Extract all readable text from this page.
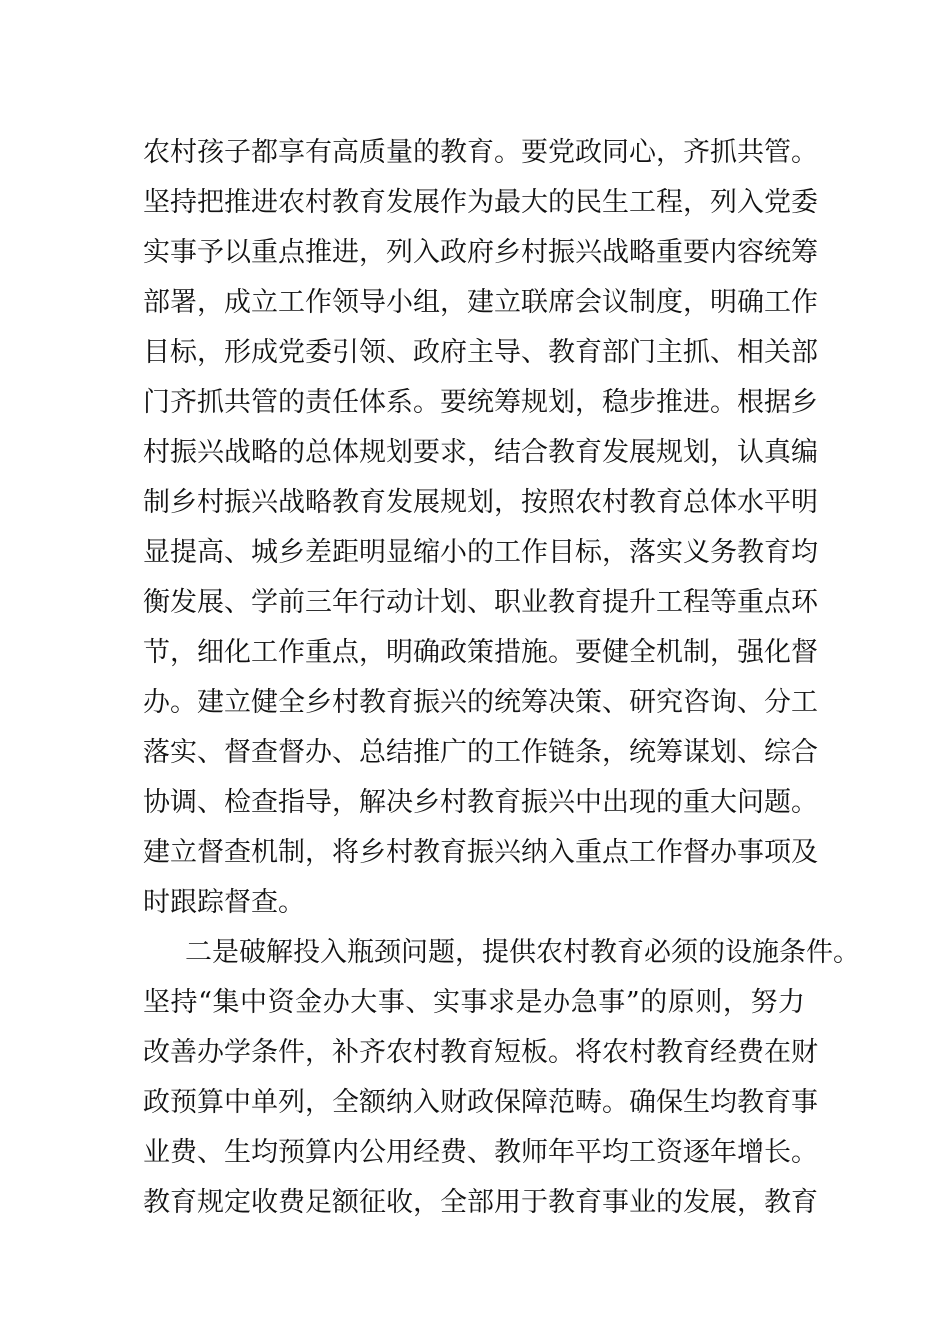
农村孩子都享有高质量的教育。要党政同心，齐抓共管。
坚持把推进农村教育发展作为最大的民生工程，列入党委
实事予以重点推进，列入政府乡村振兴战略重要内容统筹
部署，成立工作领导小组，建立联席会议制度，明确工作
目标，形成党委引领、政府主导、教育部门主抓、相关部
门齐抓共管的责任体系。要统筹规划，稳步推进。根据乡
村振兴战略的总体规划要求，结合教育发展规划，认真编
制乡村振兴战略教育发展规划，按照农村教育总体水平明
显提高、城乡差距明显缩小的工作目标，落实义务教育均
衡发展、学前三年行动计划、职业教育提升工程等重点环
节，细化工作重点，明确政策措施。要健全机制，强化督
办。建立健全乡村教育振兴的统筹决策、研究咨询、分工
落实、督查督办、总结推广的工作链条，统筹谋划、综合
协调、检查指导，解决乡村教育振兴中出现的重大问题。
建立督查机制，将乡村教育振兴纳入重点工作督办事项及
时跟踪督查。
二是破解投入瓶颈问题，提供农村教育必须的设施条件。
坚持“集中资金办大事、实事求是办急事”的原则，努力
改善办学条件，补齐农村教育短板。将农村教育经费在财
政预算中单列，全额纳入财政保障范畴。确保生均教育事
业费、生均预算内公用经费、教师年平均工资逐年增长。
教育规定收费足额征收，全部用于教育事业的发展，教育
